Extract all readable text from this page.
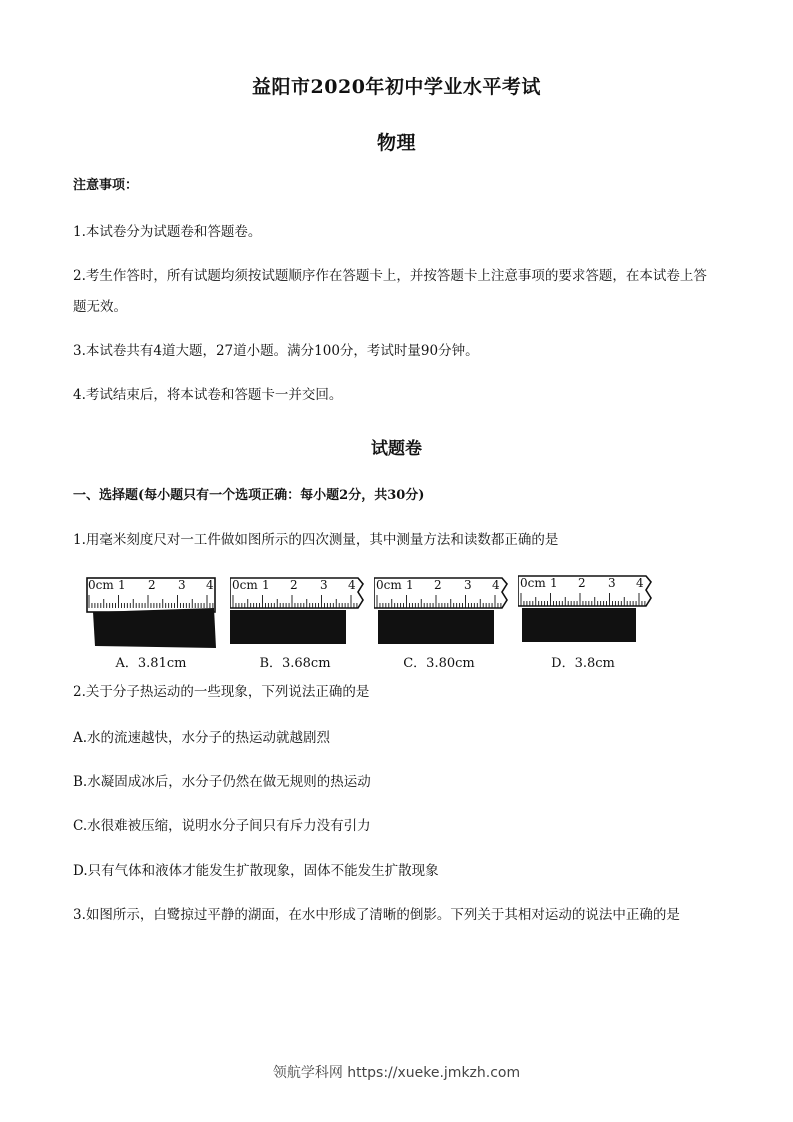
益阳市2020年初中学业水平考试
物理
注意事项：
1.本试卷分为试题卷和答题卷。
2.考生作答时，所有试题均须按试题顺序作在答题卡上，并按答题卡上注意事项的要求答题，在本试卷上答
题无效。
3.本试卷共有4道大题，27道小题。满分100分，考试时量90分钟。
4.考试结束后，将本试卷和答题卡一并交回。
试题卷
一、选择题(每小题只有一个选项正确：每小题2分，共30分)
1.用毫米刻度尺对一工件做如图所示的四次测量，其中测量方法和读数都正确的是
0cm 1 2 3 4
A．3.81cm
0cm 1 2 3 4
B．3.68cm
0cm 1 2 3 4
C．3.80cm
0cm 1 2 3 4
D．3.8cm
2.关于分子热运动的一些现象，下列说法正确的是
A.水的流速越快，水分子的热运动就越剧烈
B.水凝固成冰后，水分子仍然在做无规则的热运动
C.水很难被压缩，说明水分子间只有斥力没有引力
D.只有气体和液体才能发生扩散现象，固体不能发生扩散现象
3.如图所示，白鹭掠过平静的湖面，在水中形成了清晰的倒影。下列关于其相对运动的说法中正确的是
领航学科网 https://xueke.jmkzh.com
